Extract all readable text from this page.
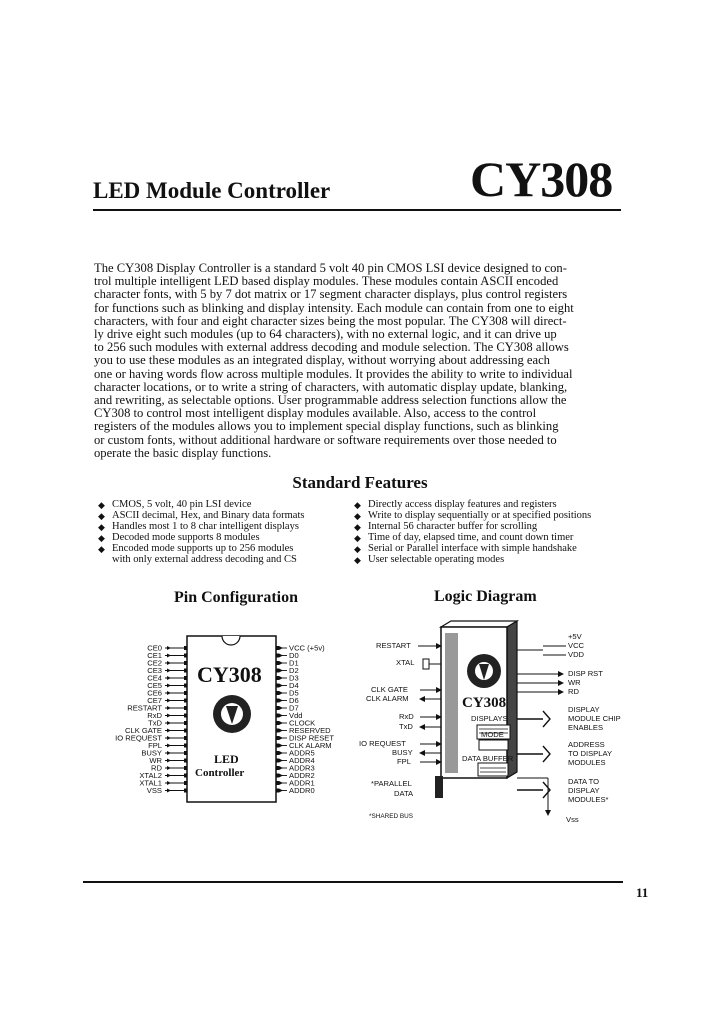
LED Module Controller	CY308
The CY308 Display Controller is a standard 5 volt 40 pin CMOS LSI device designed to con-
trol multiple intelligent LED based display modules. These modules contain ASCII encoded
character fonts, with 5 by 7 dot matrix or 17 segment character displays, plus control registers
for functions such as blinking and display intensity. Each module can contain from one to eight
characters, with four and eight character sizes being the most popular. The CY308 will direct-
ly drive eight such modules (up to 64 characters), with no external logic, and it can drive up
to 256 such modules with external address decoding and module selection. The CY308 allows
you to use these modules as an integrated display, without worrying about addressing each
one or having words flow across multiple modules. It provides the ability to write to individual
character locations, or to write a string of characters, with automatic display update, blanking,
and rewriting, as selectable options. User programmable address selection functions allow the
CY308 to control most intelligent display modules available. Also, access to the control
registers of the modules allows you to implement special display functions, such as blinking
or custom fonts, without additional hardware or software requirements over those needed to
operate the basic display functions.
Standard Features
◆ CMOS, 5 volt, 40 pin LSI device
◆ ASCII decimal, Hex, and Binary data formats
◆ Handles most 1 to 8 char intelligent displays
◆ Decoded mode supports 8 modules
◆ Encoded mode supports up to 256 modules
with only external address decoding and CS
◆ Directly access display features and registers
◆ Write to display sequentially or at specified positions
◆ Internal 56 character buffer for scrolling
◆ Time of day, elapsed time, and count down timer
◆ Serial or Parallel interface with simple handshake
◆ User selectable operating modes
Pin Configuration	Logic Diagram
CY308
LED
Controller
CE0
CE1
CE2
CE3
CE4
CE5
CE6
CE7
RESTART
RxD
TxD
CLK GATE
IO REQUEST
FPL
BUSY
WR
RD
XTAL2
XTAL1
VSS
VCC (+5v)
D0
D1
D2
D3
D4
D5
D6
D7
Vdd
CLOCK
RESERVED
DISP RESET
CLK ALARM
ADDR5
ADDR4
ADDR3
ADDR2
ADDR1
ADDR0
CY308
DISPLAYS
MODE
DATA BUFFER
RESTART
XTAL
CLK GATE
CLK ALARM
RxD
TxD
IO REQUEST
BUSY
FPL
*PARALLEL
DATA
*SHARED BUS
+5V
VCC
VDD
DISP RST
WR
RD
DISPLAY
MODULE CHIP
ENABLES
ADDRESS
TO DISPLAY
MODULES
DATA TO
DISPLAY
MODULES*
Vss
11
